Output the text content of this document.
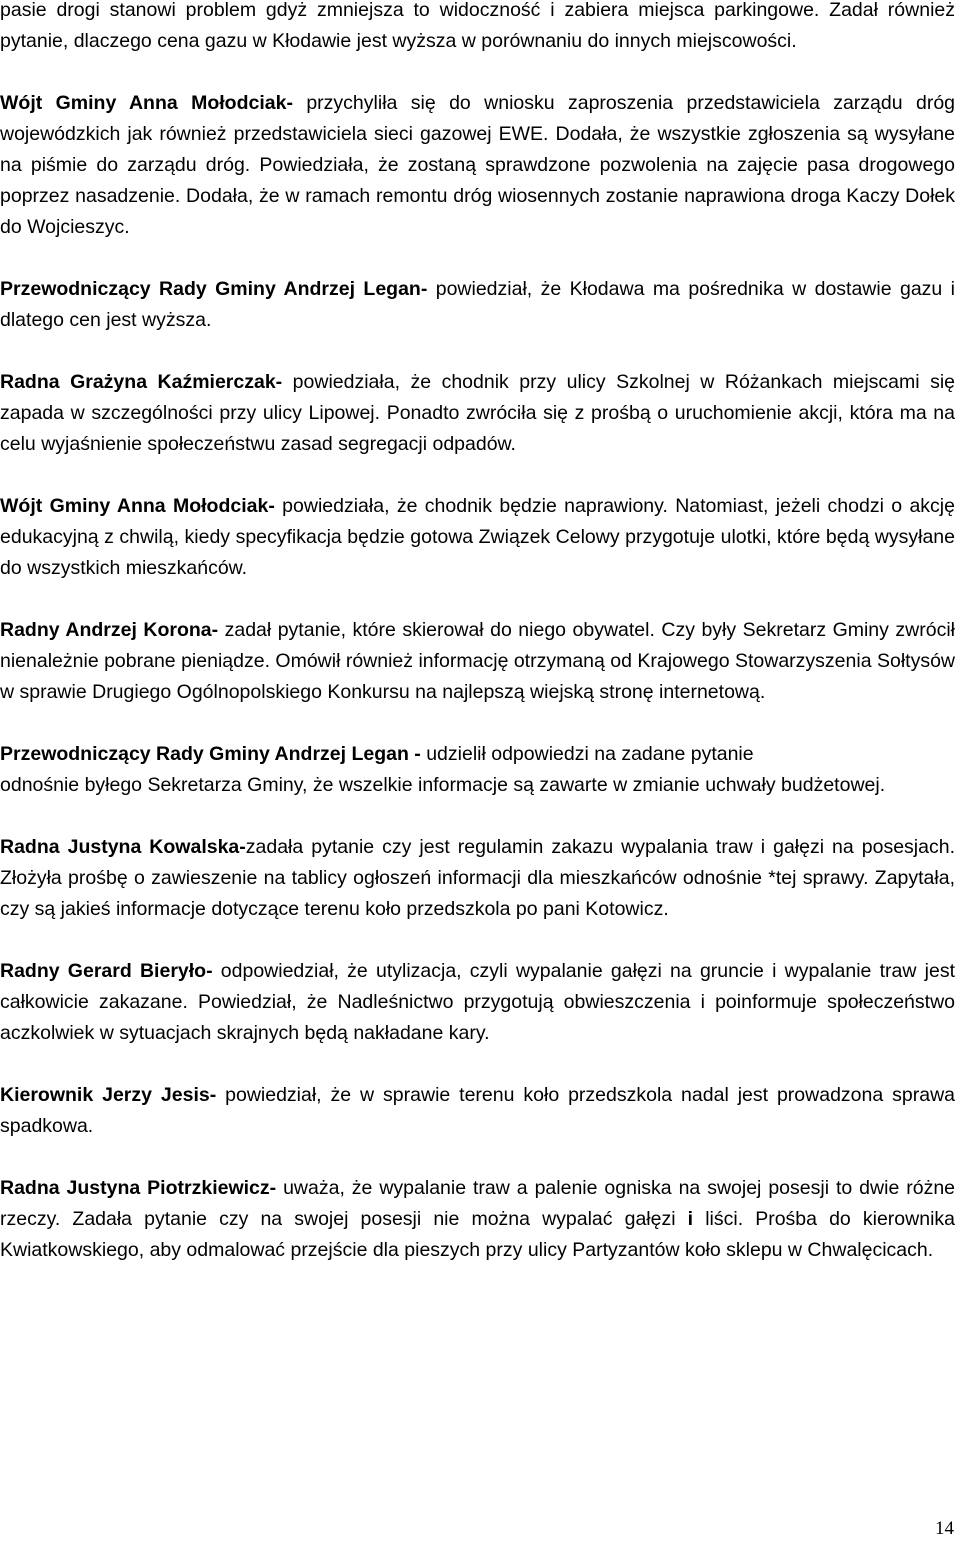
pasie drogi stanowi problem gdyż zmniejsza to widoczność i zabiera miejsca parkingowe. Zadał również pytanie, dlaczego cena gazu w Kłodawie jest wyższa w porównaniu do innych miejscowości.

Wójt Gminy Anna Mołodciak- przychyliła się do wniosku zaproszenia przedstawiciela zarządu dróg wojewódzkich jak również przedstawiciela sieci gazowej EWE. Dodała, że wszystkie zgłoszenia są wysyłane na piśmie do zarządu dróg. Powiedziała, że zostaną sprawdzone pozwolenia na zajęcie pasa drogowego poprzez nasadzenie. Dodała, że w ramach remontu dróg wiosennych zostanie naprawiona droga Kaczy Dołek do Wojcieszyc.

Przewodniczący Rady Gminy Andrzej Legan- powiedział, że Kłodawa ma pośrednika w dostawie gazu i dlatego cen jest wyższa.

Radna Grażyna Kaźmierczak- powiedziała, że chodnik przy ulicy Szkolnej w Różankach miejscami się zapada w szczególności przy ulicy Lipowej. Ponadto zwróciła się z prośbą o uruchomienie akcji, która ma na celu wyjaśnienie społeczeństwu zasad segregacji odpadów.

Wójt Gminy Anna Mołodciak- powiedziała, że chodnik będzie naprawiony. Natomiast, jeżeli chodzi o akcję edukacyjną z chwilą, kiedy specyfikacja będzie gotowa Związek Celowy przygotuje ulotki, które będą wysyłane do wszystkich mieszkańców.

Radny Andrzej Korona- zadał pytanie, które skierował do niego obywatel. Czy były Sekretarz Gminy zwrócił nienależnie pobrane pieniądze. Omówił również informację otrzymaną od Krajowego Stowarzyszenia Sołtysów w sprawie Drugiego Ogólnopolskiego Konkursu na najlepszą wiejską stronę internetową.

Przewodniczący Rady Gminy Andrzej Legan - udzielił odpowiedzi na zadane pytanie
odnośnie byłego Sekretarza Gminy, że wszelkie informacje są zawarte w zmianie uchwały budżetowej.

Radna Justyna Kowalska-zadała pytanie czy jest regulamin zakazu wypalania traw i gałęzi na posesjach. Złożyła prośbę o zawieszenie na tablicy ogłoszeń informacji dla mieszkańców odnośnie *tej sprawy. Zapytała, czy są jakieś informacje dotyczące terenu koło przedszkola po pani Kotowicz.

Radny Gerard Bieryło- odpowiedział, że utylizacja, czyli wypalanie gałęzi na gruncie i wypalanie traw jest całkowicie zakazane. Powiedział, że Nadleśnictwo przygotują obwieszczenia i poinformuje społeczeństwo aczkolwiek w sytuacjach skrajnych będą nakładane kary.

Kierownik Jerzy Jesis- powiedział, że w sprawie terenu koło przedszkola nadal jest prowadzona sprawa spadkowa.

Radna Justyna Piotrzkiewicz- uważa, że wypalanie traw a palenie ogniska na swojej posesji to dwie różne rzeczy. Zadała pytanie czy na swojej posesji nie można wypalać gałęzi i liści. Prośba do kierownika Kwiatkowskiego, aby odmalować przejście dla pieszych przy ulicy Partyzantów koło sklepu w Chwalęcicach.

14
